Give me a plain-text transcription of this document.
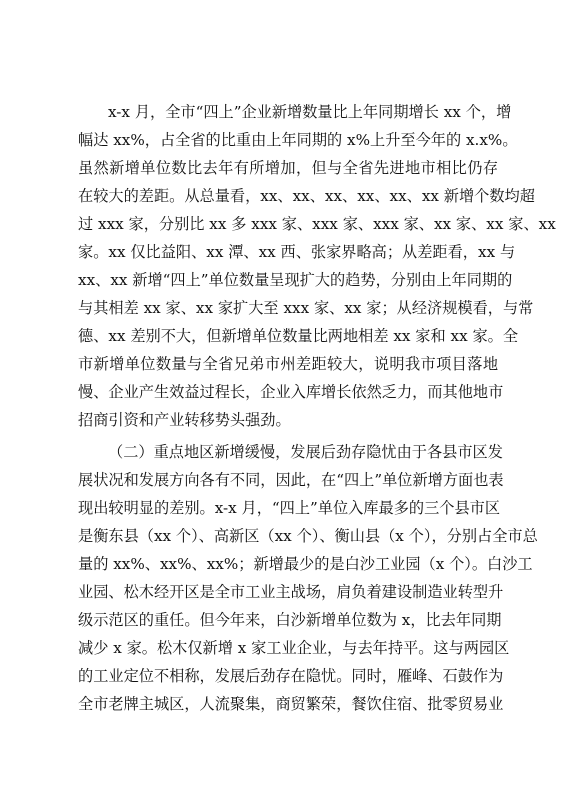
x-x 月，全市“四上”企业新增数量比上年同期增长 xx 个，增
幅达 xx%，占全省的比重由上年同期的 x%上升至今年的 x.x%。
虽然新增单位数比去年有所增加，但与全省先进地市相比仍存
在较大的差距。从总量看，xx、xx、xx、xx、xx、xx 新增个数均超
过 xxx 家，分别比 xx 多 xxx 家、xxx 家、xxx 家、xx 家、xx 家、xx
家。xx 仅比益阳、xx 潭、xx 西、张家界略高；从差距看，xx 与
xx、xx 新增“四上”单位数量呈现扩大的趋势，分别由上年同期的
与其相差 xx 家、xx 家扩大至 xxx 家、xx 家；从经济规模看，与常
德、xx 差别不大，但新增单位数量比两地相差 xx 家和 xx 家。全
市新增单位数量与全省兄弟市州差距较大，说明我市项目落地
慢、企业产生效益过程长，企业入库增长依然乏力，而其他地市
招商引资和产业转移势头强劲。
（二）重点地区新增缓慢，发展后劲存隐忧由于各县市区发
展状况和发展方向各有不同，因此，在“四上”单位新增方面也表
现出较明显的差别。x-x 月，“四上”单位入库最多的三个县市区
是衡东县（xx 个）、高新区（xx 个）、衡山县（x 个），分别占全市总
量的 xx%、xx%、xx%；新增最少的是白沙工业园（x 个）。白沙工
业园、松木经开区是全市工业主战场，肩负着建设制造业转型升
级示范区的重任。但今年来，白沙新增单位数为 x，比去年同期
减少 x 家。松木仅新增 x 家工业企业，与去年持平。这与两园区
的工业定位不相称，发展后劲存在隐忧。同时，雁峰、石鼓作为
全市老牌主城区，人流聚集，商贸繁荣，餐饮住宿、批零贸易业
